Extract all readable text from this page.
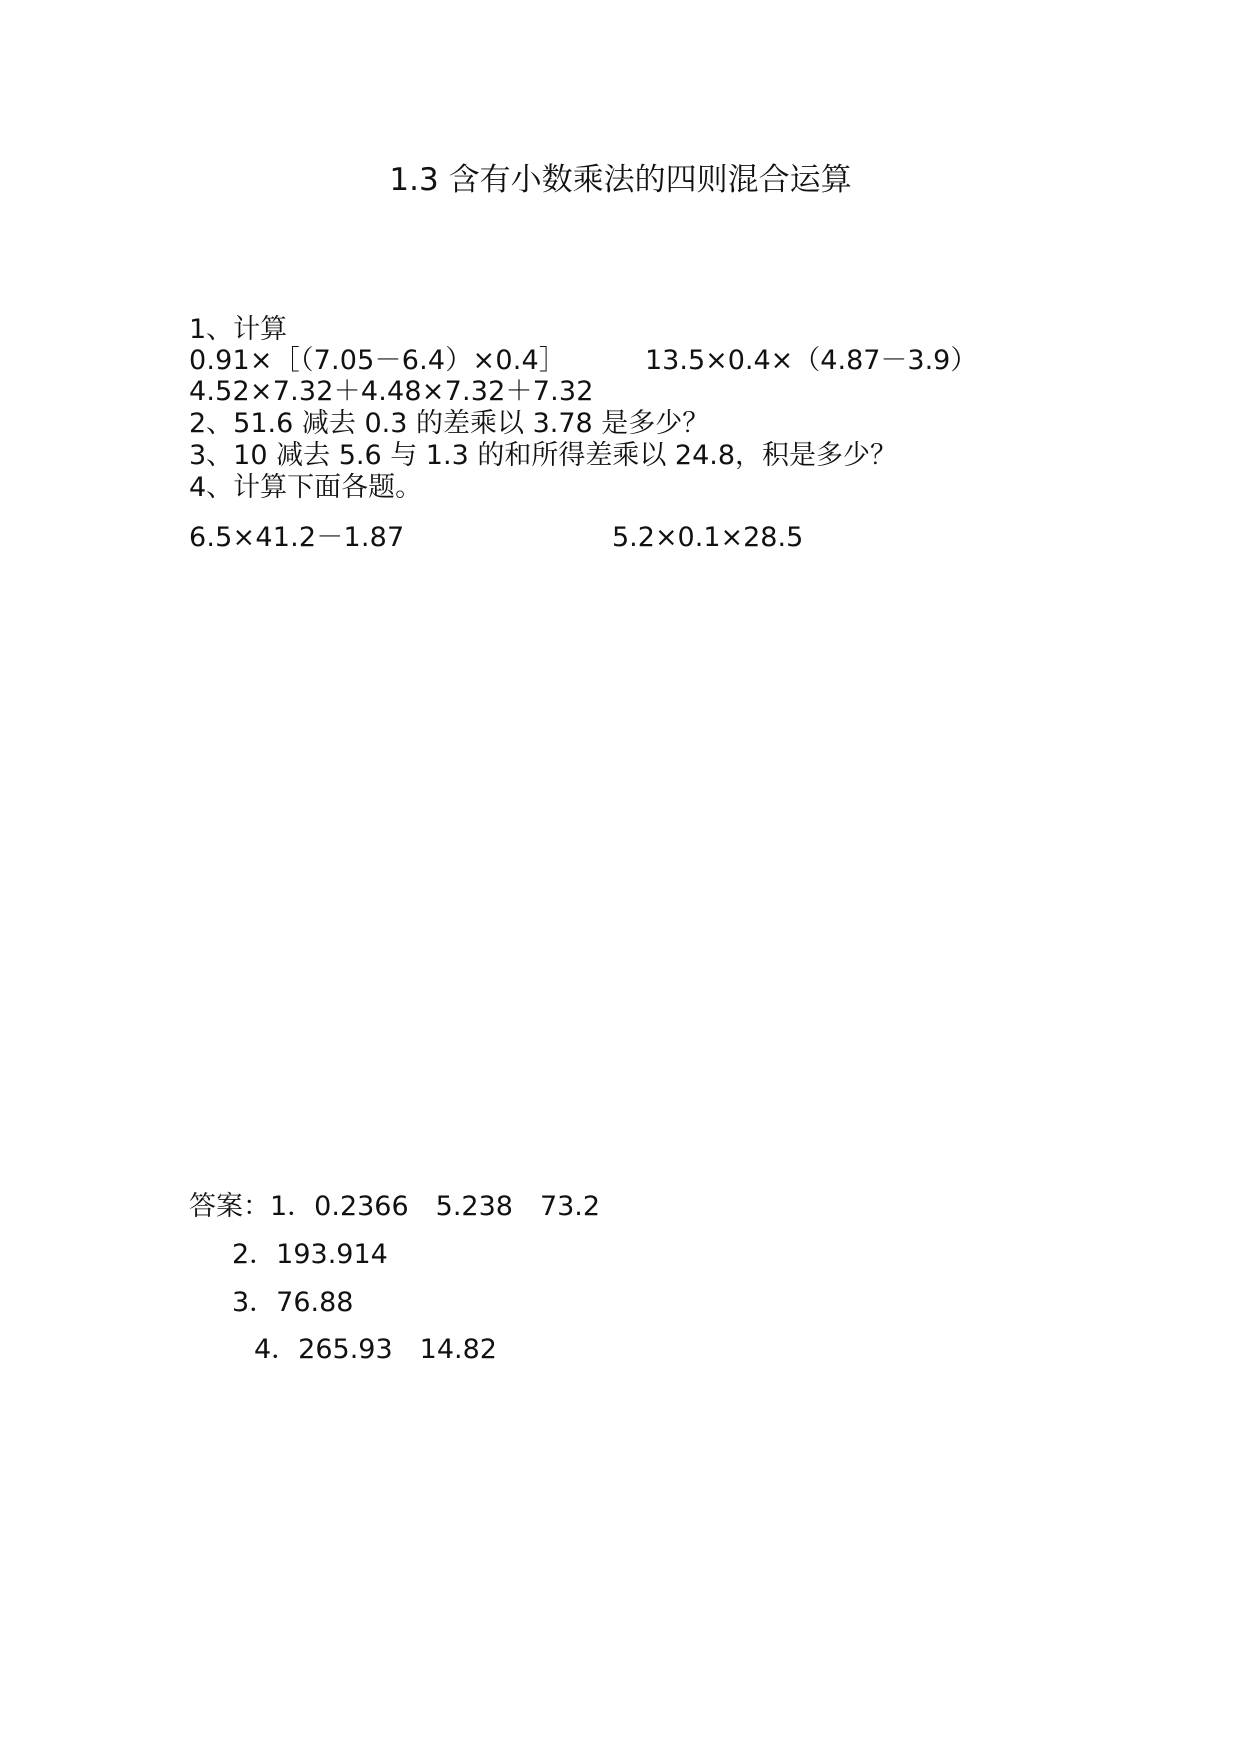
1.3 含有小数乘法的四则混合运算
1、计算
0.91×［（7.05－6.4）×0.4］	13.5×0.4×（4.87－3.9）
4.52×7.32＋4.48×7.32＋7.32
2、51.6 减去 0.3 的差乘以 3.78 是多少？
3、10 减去 5.6 与 1.3 的和所得差乘以 24.8，积是多少？
4、计算下面各题。
6.5×41.2－1.87	5.2×0.1×28.5
答案：1．0.2366　5.238　73.2
2．193.914
3．76.88
4．265.93　14.82
